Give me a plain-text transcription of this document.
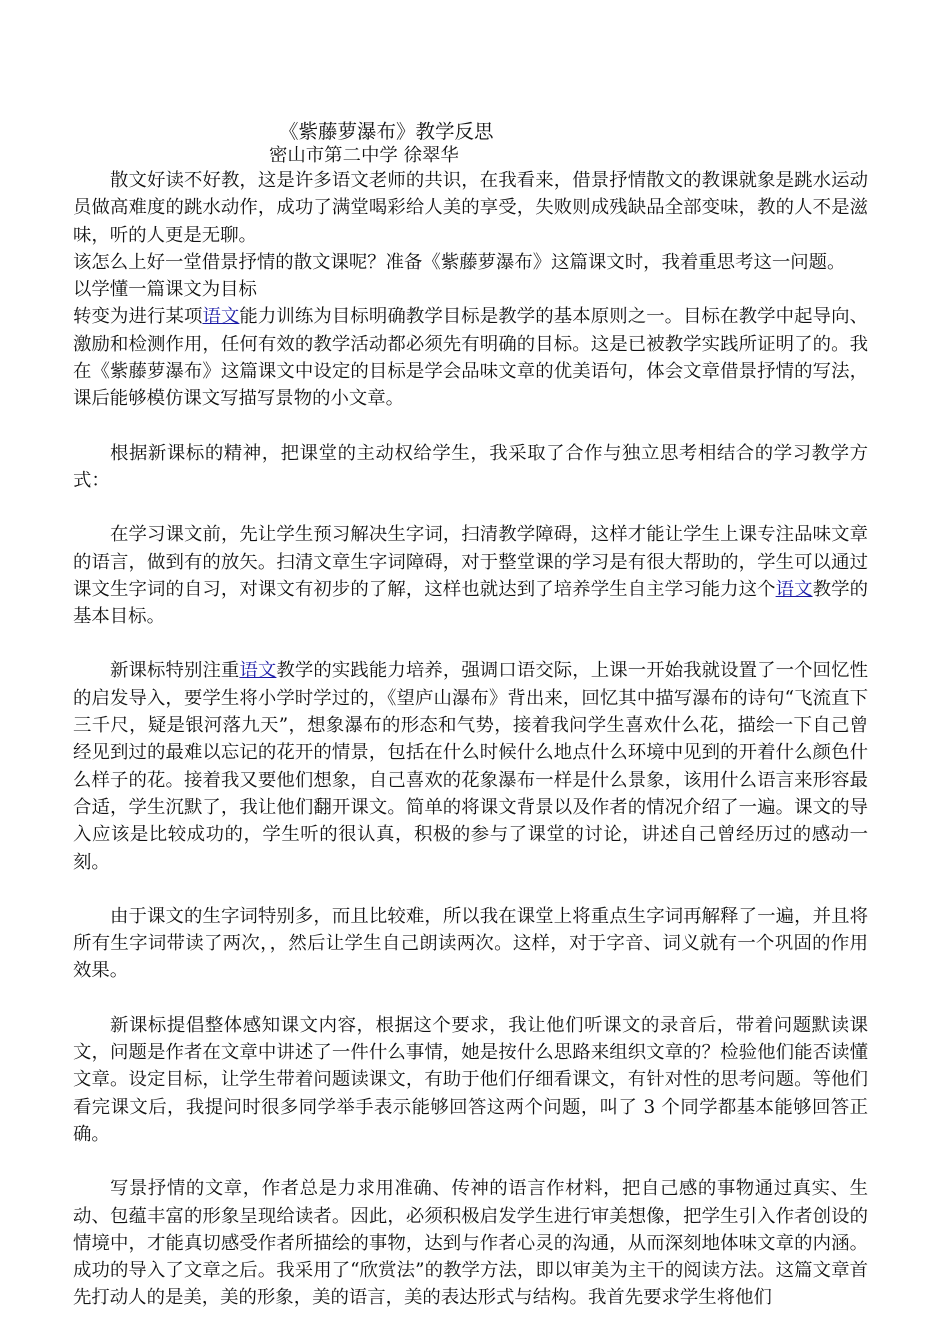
《紫藤萝瀑布》教学反思
密山市第二中学 徐翠华

散文好读不好教，这是许多语文老师的共识，在我看来，借景抒情散文的教课就象是跳水运动员做高难度的跳水动作，成功了满堂喝彩给人美的享受，失败则成残缺品全部变味，教的人不是滋味，听的人更是无聊。

该怎么上好一堂借景抒情的散文课呢？准备《紫藤萝瀑布》这篇课文时，我着重思考这一问题。

以学懂一篇课文为目标

转变为进行某项语文能力训练为目标明确教学目标是教学的基本原则之一。目标在教学中起导向、激励和检测作用，任何有效的教学活动都必须先有明确的目标。这是已被教学实践所证明了的。我在《紫藤萝瀑布》这篇课文中设定的目标是学会品味文章的优美语句，体会文章借景抒情的写法，课后能够模仿课文写描写景物的小文章。

根据新课标的精神，把课堂的主动权给学生，我采取了合作与独立思考相结合的学习教学方式：

在学习课文前，先让学生预习解决生字词，扫清教学障碍，这样才能让学生上课专注品味文章的语言，做到有的放矢。扫清文章生字词障碍，对于整堂课的学习是有很大帮助的，学生可以通过课文生字词的自习，对课文有初步的了解，这样也就达到了培养学生自主学习能力这个语文教学的基本目标。

新课标特别注重语文教学的实践能力培养，强调口语交际，上课一开始我就设置了一个回忆性的启发导入，要学生将小学时学过的，《望庐山瀑布》背出来，回忆其中描写瀑布的诗句“飞流直下三千尺，疑是银河落九天”，想象瀑布的形态和气势，接着我问学生喜欢什么花，描绘一下自己曾经见到过的最难以忘记的花开的情景，包括在什么时候什么地点什么环境中见到的开着什么颜色什么样子的花。接着我又要他们想象，自己喜欢的花象瀑布一样是什么景象，该用什么语言来形容最合适，学生沉默了，我让他们翻开课文。简单的将课文背景以及作者的情况介绍了一遍。课文的导入应该是比较成功的，学生听的很认真，积极的参与了课堂的讨论，讲述自己曾经历过的感动一刻。

由于课文的生字词特别多，而且比较难，所以我在课堂上将重点生字词再解释了一遍，并且将所有生字词带读了两次，，然后让学生自己朗读两次。这样，对于字音、词义就有一个巩固的作用效果。

新课标提倡整体感知课文内容，根据这个要求，我让他们听课文的录音后，带着问题默读课文，问题是作者在文章中讲述了一件什么事情，她是按什么思路来组织文章的？检验他们能否读懂文章。设定目标，让学生带着问题读课文，有助于他们仔细看课文，有针对性的思考问题。等他们看完课文后，我提问时很多同学举手表示能够回答这两个问题，叫了 3 个同学都基本能够回答正确。

写景抒情的文章，作者总是力求用准确、传神的语言作材料，把自己感的事物通过真实、生动、包蕴丰富的形象呈现给读者。因此，必须积极启发学生进行审美想像，把学生引入作者创设的情境中，才能真切感受作者所描绘的事物，达到与作者心灵的沟通，从而深刻地体味文章的内涵。成功的导入了文章之后。我采用了“欣赏法”的教学方法，即以审美为主干的阅读方法。这篇文章首先打动人的是美，美的形象，美的语言，美的表达形式与结构。我首先要求学生将他们
